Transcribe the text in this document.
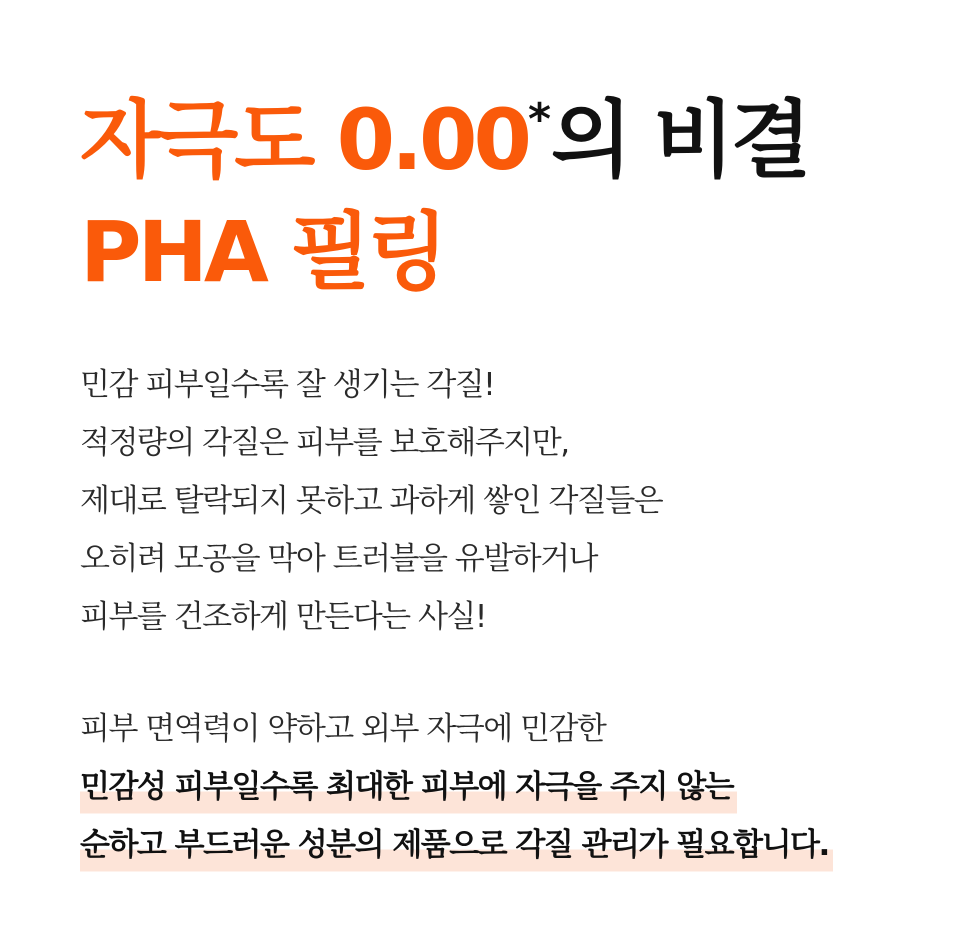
자극도 0.00*의 비결
PHA 필링
민감 피부일수록 잘 생기는 각질!
적정량의 각질은 피부를 보호해주지만,
제대로 탈락되지 못하고 과하게 쌓인 각질들은
오히려 모공을 막아 트러블을 유발하거나
피부를 건조하게 만든다는 사실!
피부 면역력이 약하고 외부 자극에 민감한
민감성 피부일수록 최대한 피부에 자극을 주지 않는
순하고 부드러운 성분의 제품으로 각질 관리가 필요합니다.
